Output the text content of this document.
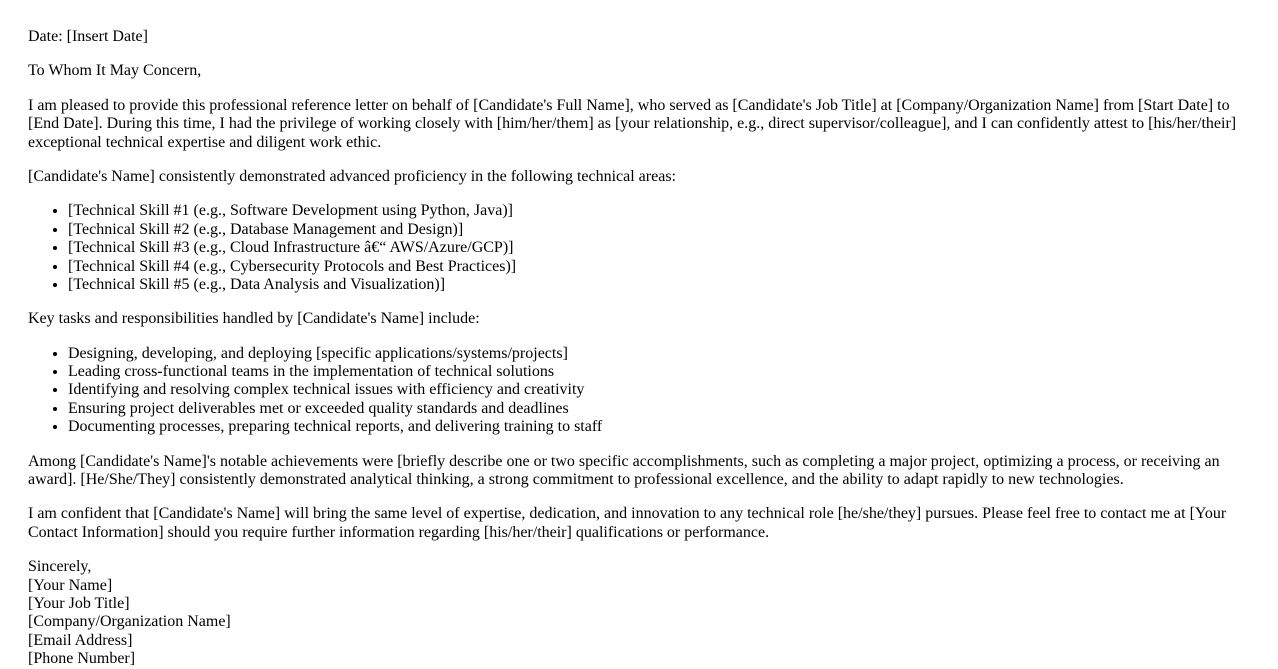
Date: [Insert Date]

To Whom It May Concern,

I am pleased to provide this professional reference letter on behalf of [Candidate's Full Name], who served as [Candidate's Job Title] at [Company/Organization Name] from [Start Date] to [End Date]. During this time, I had the privilege of working closely with [him/her/them] as [your relationship, e.g., direct supervisor/colleague], and I can confidently attest to [his/her/their] exceptional technical expertise and diligent work ethic.

[Candidate's Name] consistently demonstrated advanced proficiency in the following technical areas:

• [Technical Skill #1 (e.g., Software Development using Python, Java)]
• [Technical Skill #2 (e.g., Database Management and Design)]
• [Technical Skill #3 (e.g., Cloud Infrastructure â€“ AWS/Azure/GCP)]
• [Technical Skill #4 (e.g., Cybersecurity Protocols and Best Practices)]
• [Technical Skill #5 (e.g., Data Analysis and Visualization)]

Key tasks and responsibilities handled by [Candidate's Name] include:

• Designing, developing, and deploying [specific applications/systems/projects]
• Leading cross-functional teams in the implementation of technical solutions
• Identifying and resolving complex technical issues with efficiency and creativity
• Ensuring project deliverables met or exceeded quality standards and deadlines
• Documenting processes, preparing technical reports, and delivering training to staff

Among [Candidate's Name]'s notable achievements were [briefly describe one or two specific accomplishments, such as completing a major project, optimizing a process, or receiving an award]. [He/She/They] consistently demonstrated analytical thinking, a strong commitment to professional excellence, and the ability to adapt rapidly to new technologies.

I am confident that [Candidate's Name] will bring the same level of expertise, dedication, and innovation to any technical role [he/she/they] pursues. Please feel free to contact me at [Your Contact Information] should you require further information regarding [his/her/their] qualifications or performance.

Sincerely,
[Your Name]
[Your Job Title]
[Company/Organization Name]
[Email Address]
[Phone Number]
